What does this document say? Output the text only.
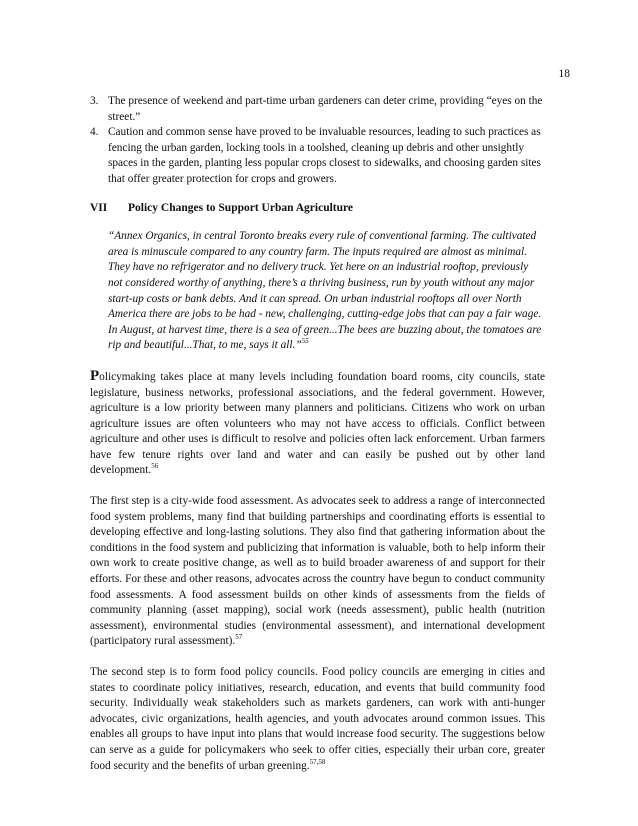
18
3. The presence of weekend and part-time urban gardeners can deter crime, providing “eyes on the street.”
4. Caution and common sense have proved to be invaluable resources, leading to such practices as fencing the urban garden, locking tools in a toolshed, cleaning up debris and other unsightly spaces in the garden, planting less popular crops closest to sidewalks, and choosing garden sites that offer greater protection for crops and growers.
VII	Policy Changes to Support Urban Agriculture
“Annex Organics, in central Toronto breaks every rule of conventional farming. The cultivated area is minuscule compared to any country farm. The inputs required are almost as minimal. They have no refrigerator and no delivery truck. Yet here on an industrial rooftop, previously not considered worthy of anything, there’s a thriving business, run by youth without any major start-up costs or bank debts. And it can spread. On urban industrial rooftops all over North America there are jobs to be had - new, challenging, cutting-edge jobs that can pay a fair wage. In August, at harvest time, there is a sea of green...The bees are buzzing about, the tomatoes are rip and beautiful...That, to me, says it all.”$^{55}$
Policymaking takes place at many levels including foundation board rooms, city councils, state legislature, business networks, professional associations, and the federal government. However, agriculture is a low priority between many planners and politicians. Citizens who work on urban agriculture issues are often volunteers who may not have access to officials. Conflict between agriculture and other uses is difficult to resolve and policies often lack enforcement. Urban farmers have few tenure rights over land and water and can easily be pushed out by other land development.$^{56}$
The first step is a city-wide food assessment. As advocates seek to address a range of interconnected food system problems, many find that building partnerships and coordinating efforts is essential to developing effective and long-lasting solutions. They also find that gathering information about the conditions in the food system and publicizing that information is valuable, both to help inform their own work to create positive change, as well as to build broader awareness of and support for their efforts. For these and other reasons, advocates across the country have begun to conduct community food assessments. A food assessment builds on other kinds of assessments from the fields of community planning (asset mapping), social work (needs assessment), public health (nutrition assessment), environmental studies (environmental assessment), and international development (participatory rural assessment).$^{57}$
The second step is to form food policy councils. Food policy councils are emerging in cities and states to coordinate policy initiatives, research, education, and events that build community food security. Individually weak stakeholders such as markets gardeners, can work with anti-hunger advocates, civic organizations, health agencies, and youth advocates around common issues. This enables all groups to have input into plans that would increase food security. The suggestions below can serve as a guide for policymakers who seek to offer cities, especially their urban core, greater food security and the benefits of urban greening.$^{57,58}$
